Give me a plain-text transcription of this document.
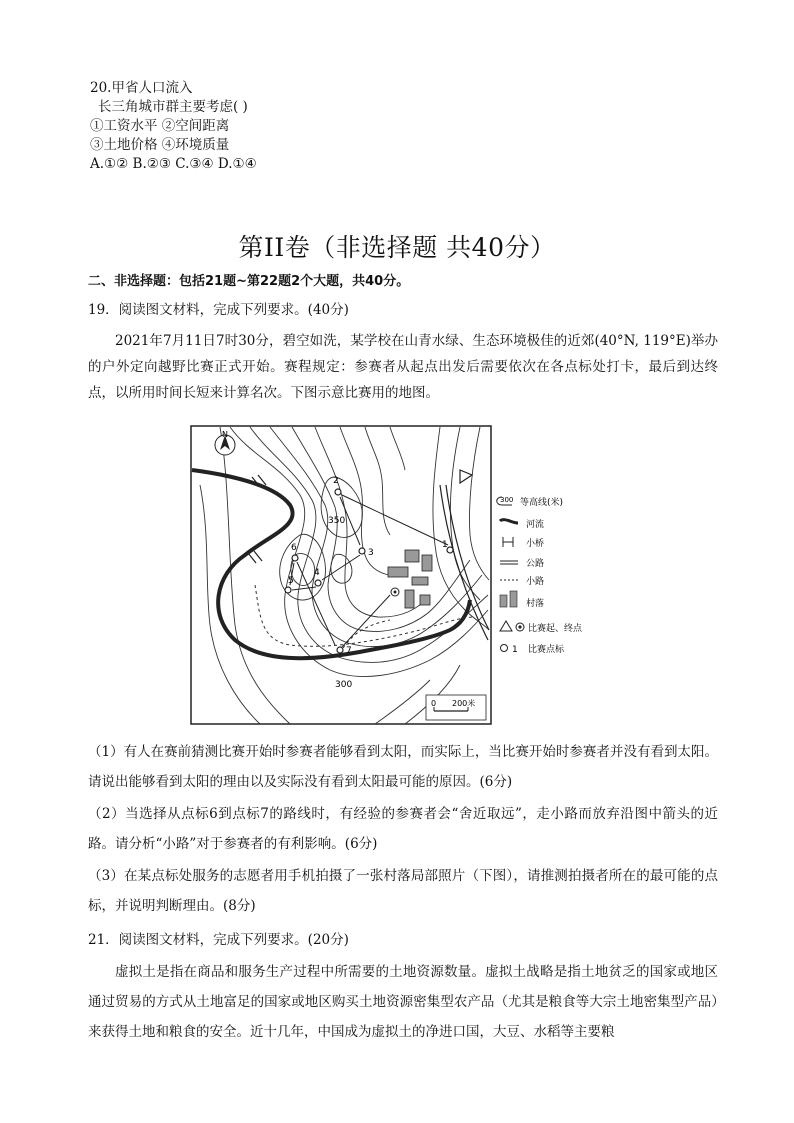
20.甲省人口流入
长三角城市群主要考虑( )
①工资水平 ②空间距离
③土地价格 ④环境质量
A.①② B.②③ C.③④ D.①④
第II卷（非选择题 共40分）
二、非选择题：包括21题~第22题2个大题，共40分。
19．阅读图文材料，完成下列要求。(40分)
2021年7月11日7时30分，碧空如洗，某学校在山青水绿、生态环境极佳的近郊(40°N, 119°E)举办的户外定向越野比赛正式开始。赛程规定：参赛者从起点出发后需要依次在各点标处打卡，最后到达终点，以所用时间长短来计算名次。下图示意比赛用的地图。
N
1
2
3
4
5
6
7
350
300
0 200米
300 等高线(米)
河流
小桥
公路
小路
村落
比赛起、终点
1 比赛点标
（1）有人在赛前猜测比赛开始时参赛者能够看到太阳，而实际上，当比赛开始时参赛者并没有看到太阳。请说出能够看到太阳的理由以及实际没有看到太阳最可能的原因。(6分)
（2）当选择从点标6到点标7的路线时，有经验的参赛者会“舍近取远”，走小路而放弃沿图中箭头的近路。请分析“小路”对于参赛者的有利影响。(6分)
（3）在某点标处服务的志愿者用手机拍摄了一张村落局部照片（下图），请推测拍摄者所在的最可能的点标，并说明判断理由。(8分)
21．阅读图文材料，完成下列要求。(20分)
虚拟土是指在商品和服务生产过程中所需要的土地资源数量。虚拟土战略是指土地贫乏的国家或地区通过贸易的方式从土地富足的国家或地区购买土地资源密集型农产品（尤其是粮食等大宗土地密集型产品）来获得土地和粮食的安全。近十几年，中国成为虚拟土的净进口国，大豆、水稻等主要粮
